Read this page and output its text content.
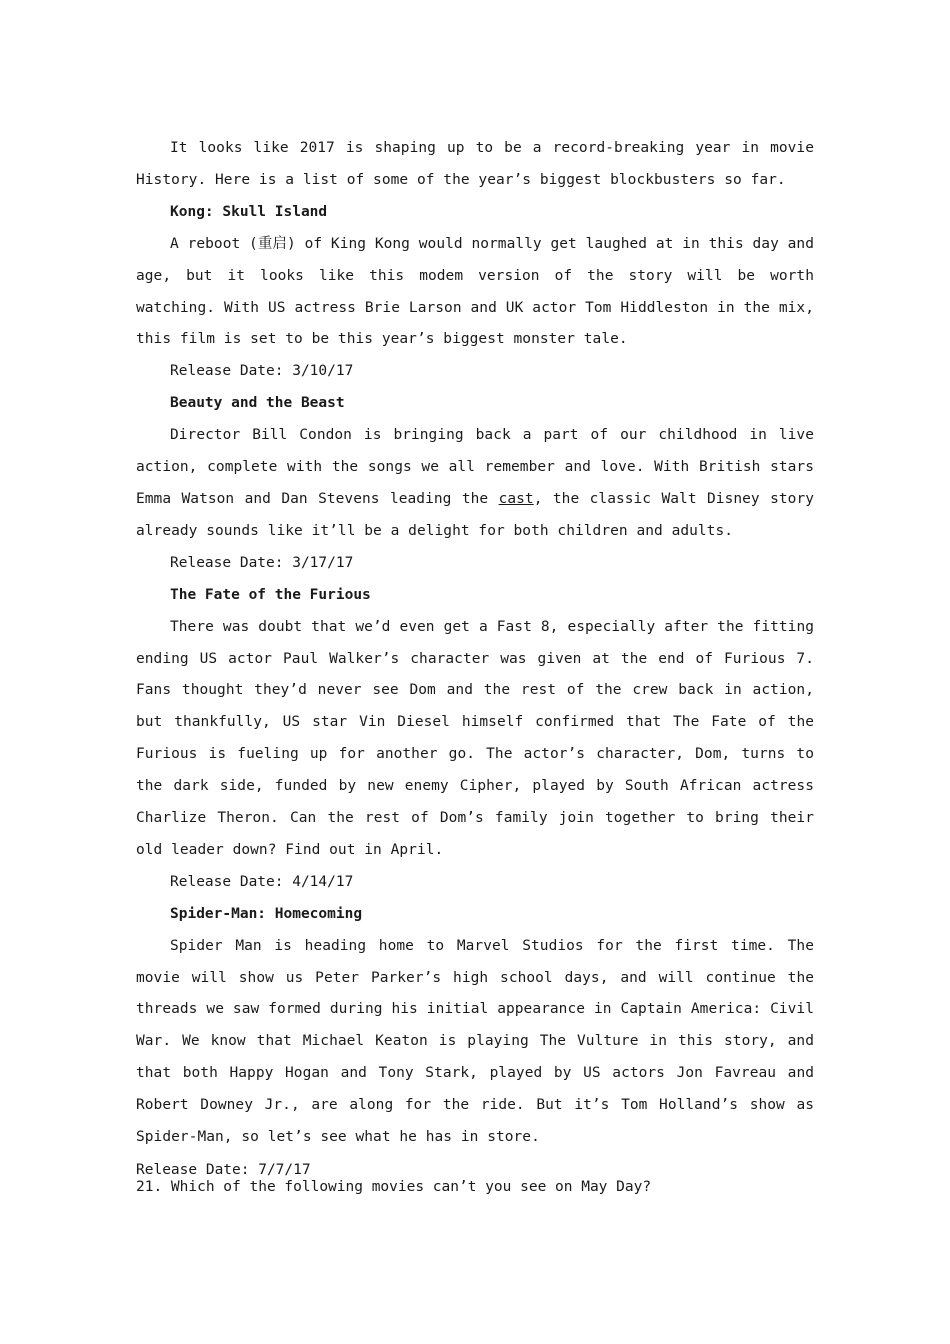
It looks like 2017 is shaping up to be a record-breaking year in movie History. Here is a list of some of the year’s biggest blockbusters so far.

Kong: Skull Island

A reboot (重启) of King Kong would normally get laughed at in this day and age, but it looks like this modem version of the story will be worth watching. With US actress Brie Larson and UK actor Tom Hiddleston in the mix, this film is set to be this year’s biggest monster tale.

Release Date: 3/10/17

Beauty and the Beast

Director Bill Condon is bringing back a part of our childhood in live action, complete with the songs we all remember and love. With British stars Emma Watson and Dan Stevens leading the cast, the classic Walt Disney story already sounds like it’ll be a delight for both children and adults.

Release Date: 3/17/17

The Fate of the Furious

There was doubt that we’d even get a Fast 8, especially after the fitting ending US actor Paul Walker’s character was given at the end of Furious 7. Fans thought they’d never see Dom and the rest of the crew back in action, but thankfully, US star Vin Diesel himself confirmed that The Fate of the Furious is fueling up for another go. The actor’s character, Dom, turns to the dark side, funded by new enemy Cipher, played by South African actress Charlize Theron. Can the rest of Dom’s family join together to bring their old leader down? Find out in April.

Release Date: 4/14/17

Spider-Man: Homecoming

Spider Man is heading home to Marvel Studios for the first time. The movie will show us Peter Parker’s high school days, and will continue the threads we saw formed during his initial appearance in Captain America: Civil War. We know that Michael Keaton is playing The Vulture in this story, and that both Happy Hogan and Tony Stark, played by US actors Jon Favreau and Robert Downey Jr., are along for the ride. But it’s Tom Holland’s show as Spider-Man, so let’s see what he has in store.

Release Date: 7/7/17

21. Which of the following movies can’t you see on May Day?
